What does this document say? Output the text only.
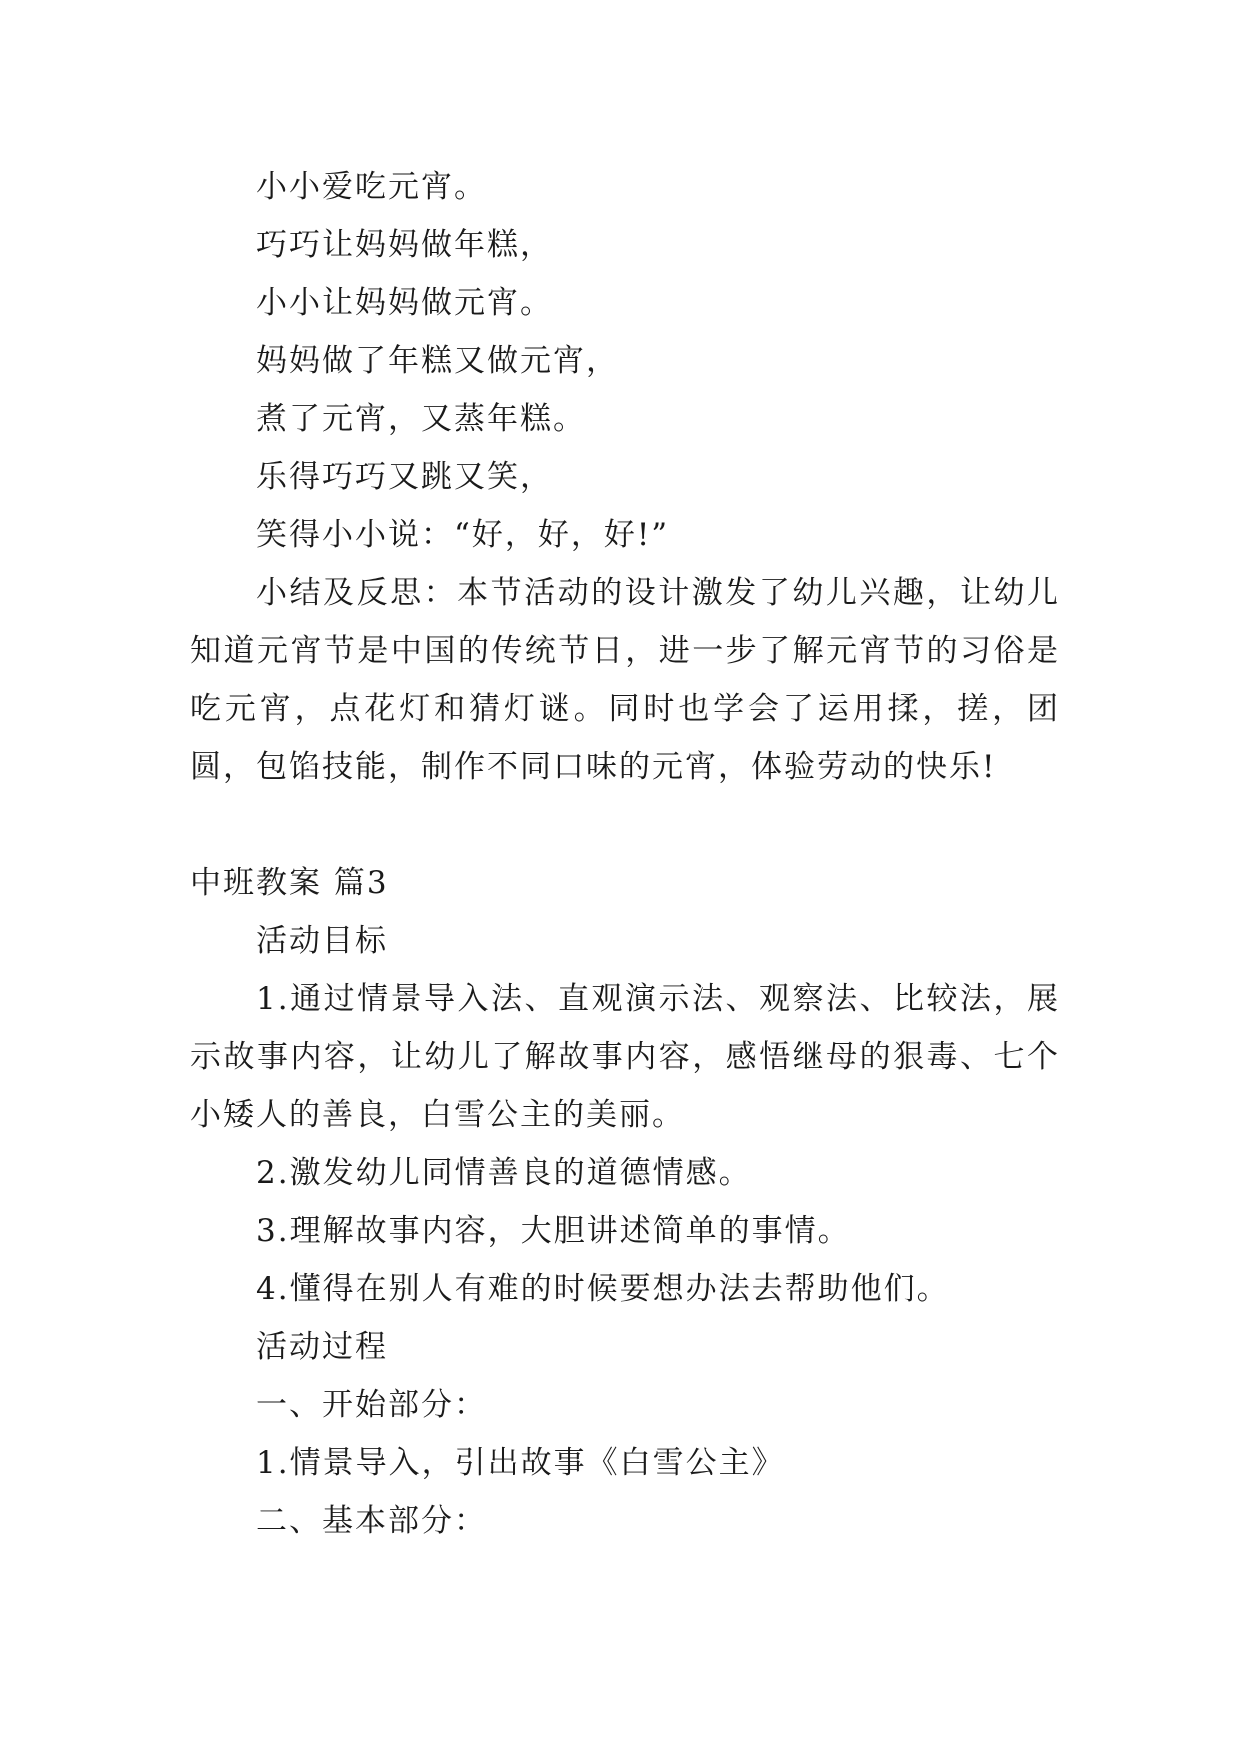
小小爱吃元宵。
巧巧让妈妈做年糕，
小小让妈妈做元宵。
妈妈做了年糕又做元宵，
煮了元宵，又蒸年糕。
乐得巧巧又跳又笑，
笑得小小说：“好，好，好!”
小结及反思：本节活动的设计激发了幼儿兴趣，让幼儿知道元宵节是中国的传统节日，进一步了解元宵节的习俗是吃元宵，点花灯和猜灯谜。同时也学会了运用揉，搓，团圆，包馅技能，制作不同口味的元宵，体验劳动的快乐!
中班教案 篇3
活动目标
1.通过情景导入法、直观演示法、观察法、比较法，展示故事内容，让幼儿了解故事内容，感悟继母的狠毒、七个小矮人的善良，白雪公主的美丽。
2.激发幼儿同情善良的道德情感。
3.理解故事内容，大胆讲述简单的事情。
4.懂得在别人有难的时候要想办法去帮助他们。
活动过程
一、开始部分：
1.情景导入，引出故事《白雪公主》
二、基本部分：
